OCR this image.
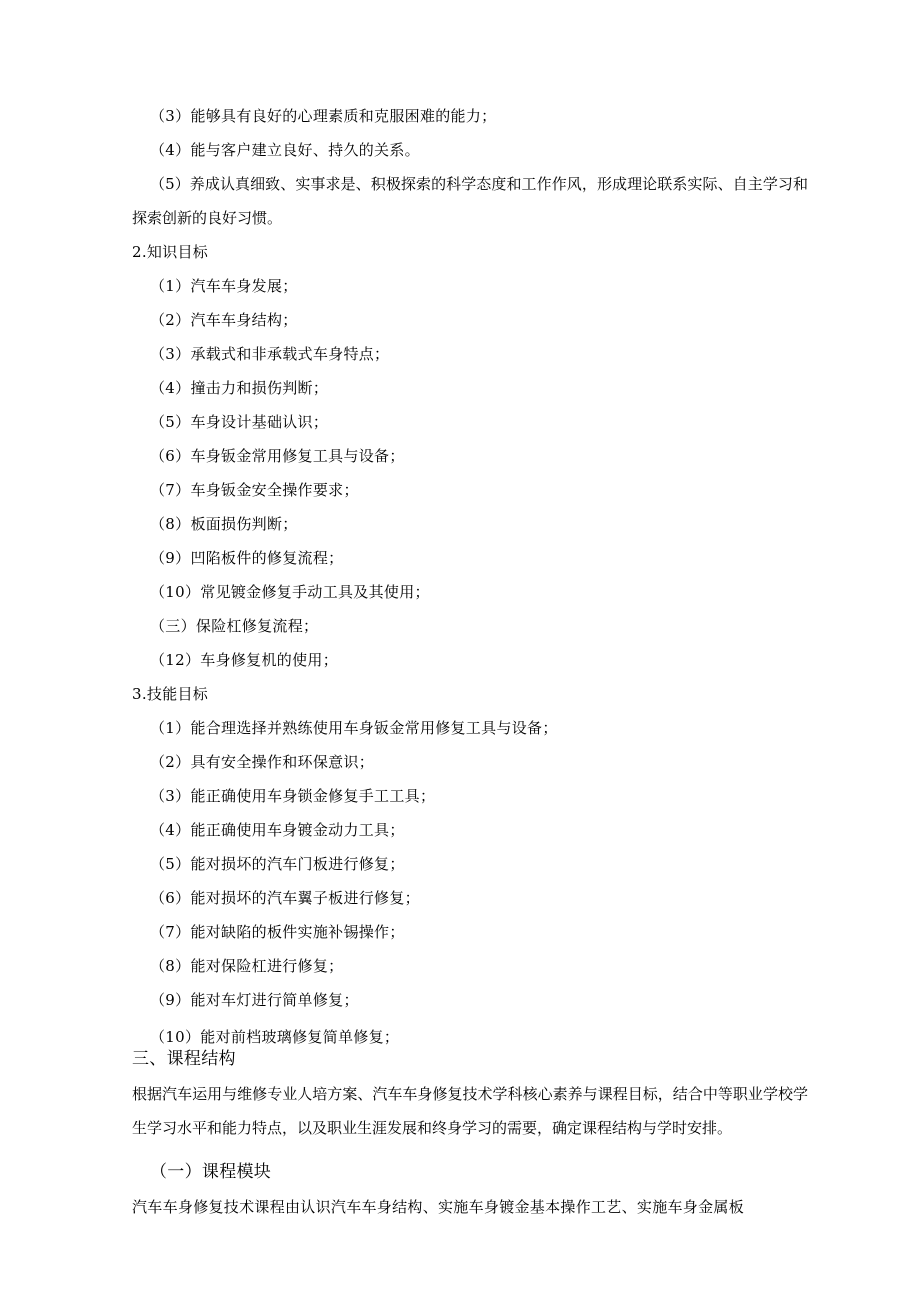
（3）能够具有良好的心理素质和克服困难的能力；
（4）能与客户建立良好、持久的关系。
（5）养成认真细致、实事求是、积极探索的科学态度和工作作风，形成理论联系实际、自主学习和探索创新的良好习惯。
2.知识目标
（1）汽车车身发展；
（2）汽车车身结构；
（3）承载式和非承载式车身特点；
（4）撞击力和损伤判断；
（5）车身设计基础认识；
（6）车身钣金常用修复工具与设备；
（7）车身钣金安全操作要求；
（8）板面损伤判断；
（9）凹陷板件的修复流程；
（10）常见镀金修复手动工具及其使用；
（三）保险杠修复流程；
（12）车身修复机的使用；
3.技能目标
（1）能合理选择并熟练使用车身钣金常用修复工具与设备；
（2）具有安全操作和环保意识；
（3）能正确使用车身锁金修复手工工具；
（4）能正确使用车身镀金动力工具；
（5）能对损坏的汽车门板进行修复；
（6）能对损坏的汽车翼子板进行修复；
（7）能对缺陷的板件实施补锡操作；
（8）能对保险杠进行修复；
（9）能对车灯进行简单修复；
（10）能对前档玻璃修复简单修复；
三、课程结构
根据汽车运用与维修专业人培方案、汽车车身修复技术学科核心素养与课程目标，结合中等职业学校学生学习水平和能力特点，以及职业生涯发展和终身学习的需要，确定课程结构与学时安排。
（一）课程模块
汽车车身修复技术课程由认识汽车车身结构、实施车身镀金基本操作工艺、实施车身金属板
